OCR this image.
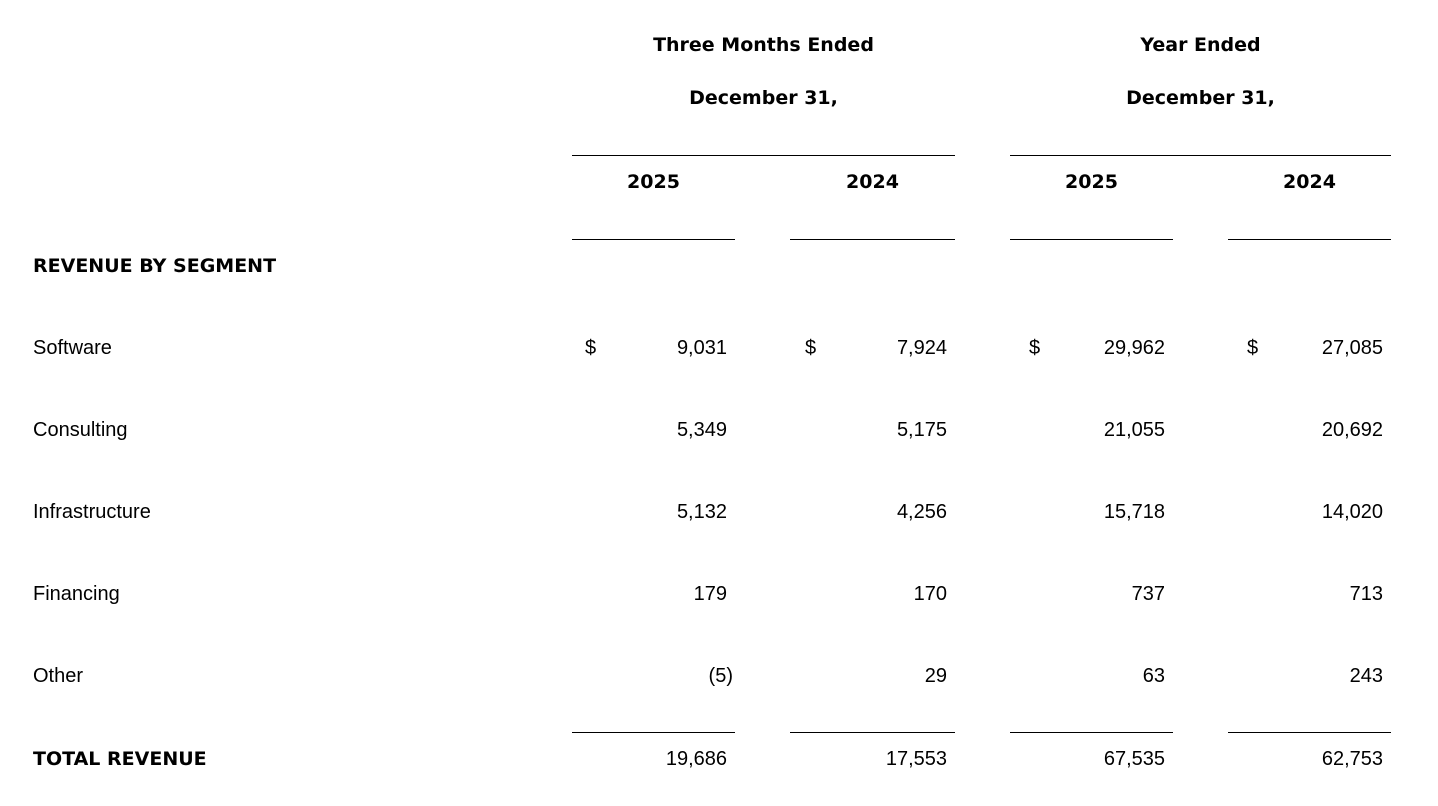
Three Months Ended
December 31,
Year Ended
December 31,
2025	2024	2025	2024
REVENUE BY SEGMENT
Software	$	9,031	$	7,924	$	29,962	$	27,085
Consulting	5,349	5,175	21,055	20,692
Infrastructure	5,132	4,256	15,718	14,020
Financing	179	170	737	713
Other	(5)	29	63	243
TOTAL REVENUE	19,686	17,553	67,535	62,753
